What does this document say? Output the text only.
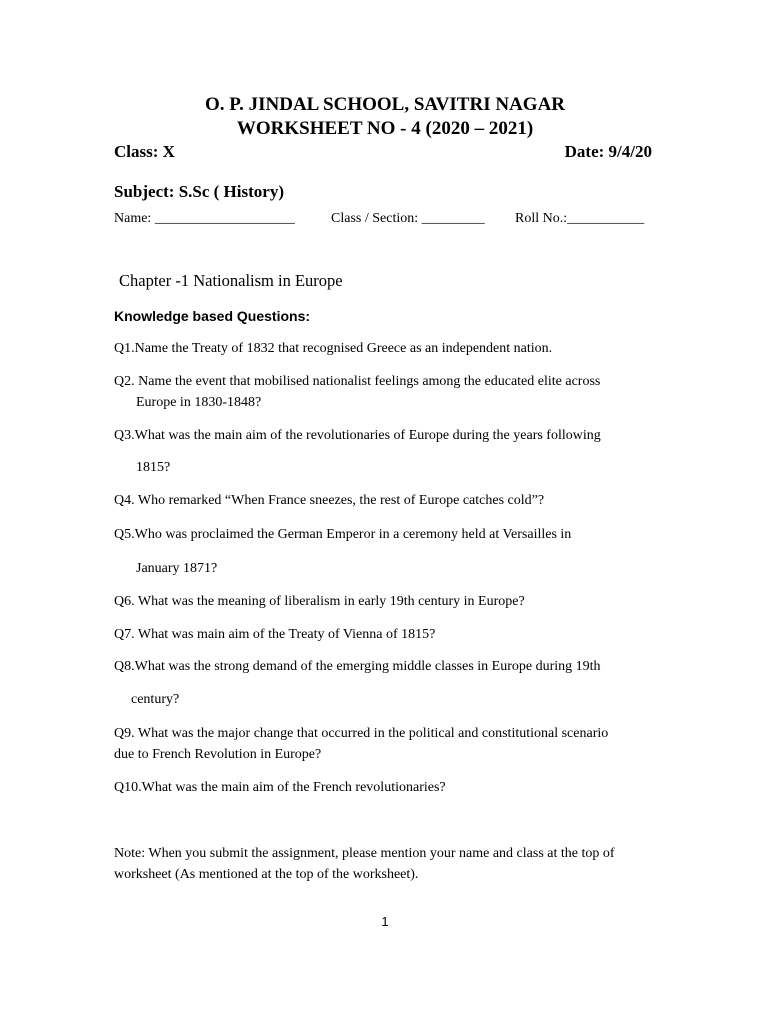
O. P. JINDAL SCHOOL, SAVITRI NAGAR
WORKSHEET NO - 4 (2020 – 2021)
Class: X	Date: 9/4/20
Subject: S.Sc ( History)
Name: ____________________	Class / Section: _________ Roll No.:___________
Chapter -1 Nationalism in Europe
Knowledge based Questions:
Q1.Name the Treaty of 1832 that recognised Greece as an independent nation.
Q2. Name the event that mobilised nationalist feelings among the educated elite across
Europe in 1830-1848?
Q3.What was the main aim of the revolutionaries of Europe during the years following
1815?
Q4. Who remarked “When France sneezes, the rest of Europe catches cold”?
Q5.Who was proclaimed the German Emperor in a ceremony held at Versailles in
January 1871?
Q6. What was the meaning of liberalism in early 19th century in Europe?
Q7. What was main aim of the Treaty of Vienna of 1815?
Q8.What was the strong demand of the emerging middle classes in Europe during 19th
century?
Q9. What was the major change that occurred in the political and constitutional scenario
due to French Revolution in Europe?
Q10.What was the main aim of the French revolutionaries?
Note: When you submit the assignment, please mention your name and class at the top of
worksheet (As mentioned at the top of the worksheet).
1
